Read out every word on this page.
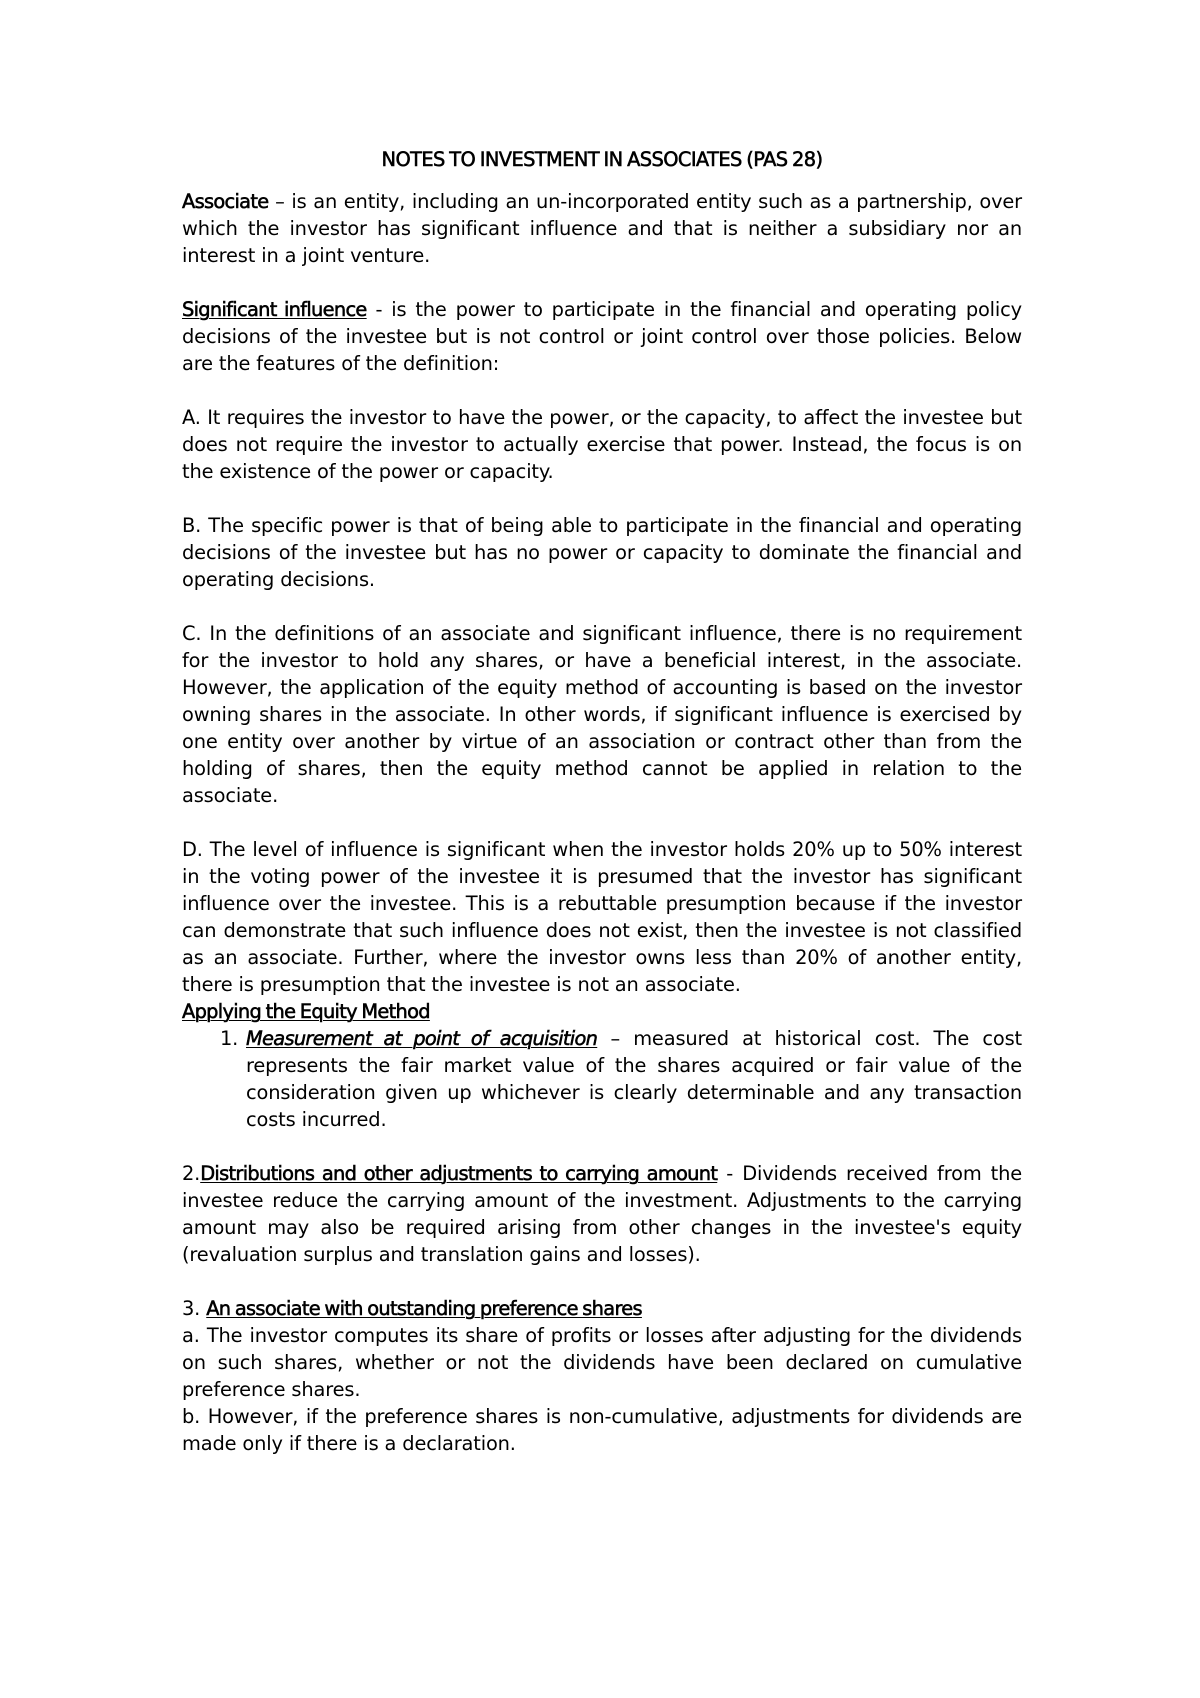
NOTES TO INVESTMENT IN ASSOCIATES (PAS 28)

Associate – is an entity, including an un-incorporated entity such as a partnership, over which the investor has significant influence and that is neither a subsidiary nor an interest in a joint venture.

Significant influence - is the power to participate in the financial and operating policy decisions of the investee but is not control or joint control over those policies. Below are the features of the definition:

A. It requires the investor to have the power, or the capacity, to affect the investee but does not require the investor to actually exercise that power. Instead, the focus is on the existence of the power or capacity.

B. The specific power is that of being able to participate in the financial and operating decisions of the investee but has no power or capacity to dominate the financial and operating decisions.

C. In the definitions of an associate and significant influence, there is no requirement for the investor to hold any shares, or have a beneficial interest, in the associate. However, the application of the equity method of accounting is based on the investor owning shares in the associate. In other words, if significant influence is exercised by one entity over another by virtue of an association or contract other than from the holding of shares, then the equity method cannot be applied in relation to the associate.

D. The level of influence is significant when the investor holds 20% up to 50% interest in the voting power of the investee it is presumed that the investor has significant influence over the investee. This is a rebuttable presumption because if the investor can demonstrate that such influence does not exist, then the investee is not classified as an associate. Further, where the investor owns less than 20% of another entity, there is presumption that the investee is not an associate.

Applying the Equity Method

1. Measurement at point of acquisition – measured at historical cost. The cost represents the fair market value of the shares acquired or fair value of the consideration given up whichever is clearly determinable and any transaction costs incurred.

2.Distributions and other adjustments to carrying amount - Dividends received from the investee reduce the carrying amount of the investment. Adjustments to the carrying amount may also be required arising from other changes in the investee's equity (revaluation surplus and translation gains and losses).

3. An associate with outstanding preference shares

a. The investor computes its share of profits or losses after adjusting for the dividends on such shares, whether or not the dividends have been declared on cumulative preference shares.

b. However, if the preference shares is non-cumulative, adjustments for dividends are made only if there is a declaration.
